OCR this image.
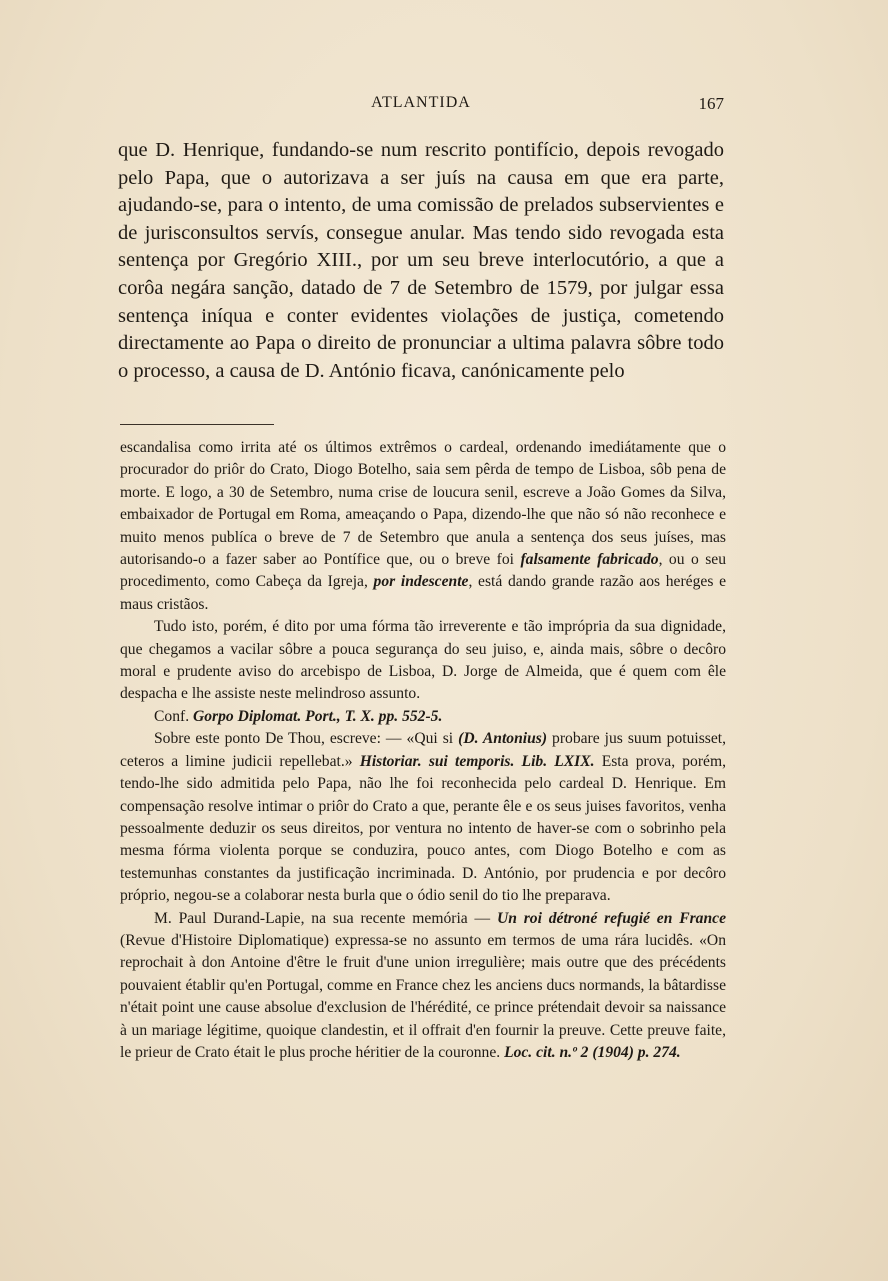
ATLANTIDA	167

que D. Henrique, fundando-se num rescrito pontifício, depois revogado pelo Papa, que o autorizava a ser juís na causa em que era parte, ajudando-se, para o intento, de uma comissão de prelados subservientes e de jurisconsultos servís, consegue anular. Mas tendo sido revogada esta sentença por Gregório XIII., por um seu breve interlocutório, a que a corôa negára sanção, datado de 7 de Setembro de 1579, por julgar essa sentença iníqua e conter evidentes violações de justiça, cometendo directamente ao Papa o direito de pronunciar a ultima palavra sôbre todo o processo, a causa de D. António ficava, canónicamente pelo

escandalisa como irrita até os últimos extrêmos o cardeal, ordenando imediátamente que o procurador do priôr do Crato, Diogo Botelho, saia sem pêrda de tempo de Lisboa, sôb pena de morte. E logo, a 30 de Setembro, numa crise de loucura senil, escreve a João Gomes da Silva, embaixador de Portugal em Roma, ameaçando o Papa, dizendo-lhe que não só não reconhece e muito menos publíca o breve de 7 de Setembro que anula a sentença dos seus juíses, mas autorisando-o a fazer saber ao Pontífice que, ou o breve foi falsamente fabricado, ou o seu procedimento, como Cabeça da Igreja, por indescente, está dando grande razão aos heréges e maus cristãos.

Tudo isto, porém, é dito por uma fórma tão irreverente e tão imprópria da sua dignidade, que chegamos a vacilar sôbre a pouca segurança do seu juiso, e, ainda mais, sôbre o decôro moral e prudente aviso do arcebispo de Lisboa, D. Jorge de Almeida, que é quem com êle despacha e lhe assiste neste melindroso assunto.

Conf. Gorpo Diplomat. Port., T. X. pp. 552-5.

Sobre este ponto De Thou, escreve: — «Qui si (D. Antonius) probare jus suum potuisset, ceteros a limine judicii repellebat.» Historiar. sui temporis. Lib. LXIX. Esta prova, porém, tendo-lhe sido admitida pelo Papa, não lhe foi reconhecida pelo cardeal D. Henrique. Em compensação resolve intimar o priôr do Crato a que, perante êle e os seus juises favoritos, venha pessoalmente deduzir os seus direitos, por ventura no intento de haver-se com o sobrinho pela mesma fórma violenta porque se conduzira, pouco antes, com Diogo Botelho e com as testemunhas constantes da justificação incriminada. D. António, por prudencia e por decôro próprio, negou-se a colaborar nesta burla que o ódio senil do tio lhe preparava.

M. Paul Durand-Lapie, na sua recente memória — Un roi détroné refugié en France (Revue d'Histoire Diplomatique) expressa-se no assunto em termos de uma rára lucidês. «On reprochait à don Antoine d'être le fruit d'une union irregulière; mais outre que des précédents pouvaient établir qu'en Portugal, comme en France chez les anciens ducs normands, la bâtardisse n'était point une cause absolue d'exclusion de l'hérédité, ce prince prétendait devoir sa naissance à un mariage légitime, quoique clandestin, et il offrait d'en fournir la preuve. Cette preuve faite, le prieur de Crato était le plus proche héritier de la couronne. Loc. cit. n.º 2 (1904) p. 274.
